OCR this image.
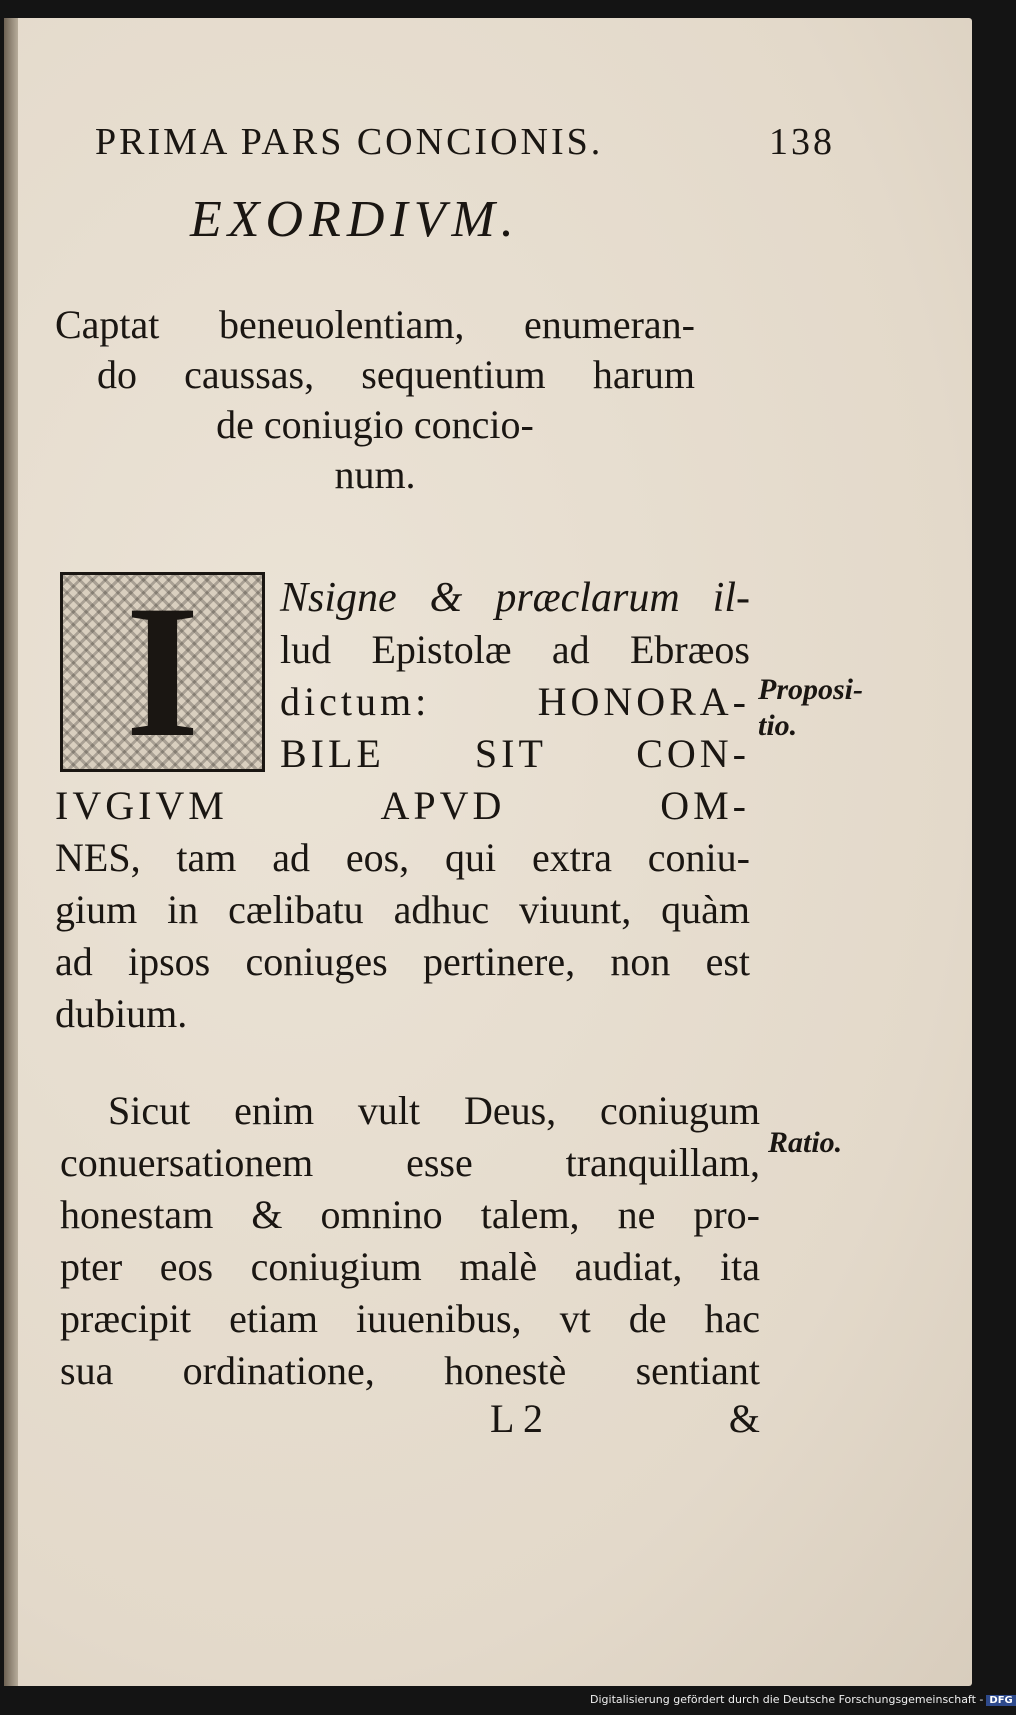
PRIMA PARS CONCIONIS.	138
EXORDIVM.
Captat beneuolentiam, enumeran-
do caussas, sequentium harum
de coniugio concio-
num.
I Nsigne & præclarum il-
lud Epistolæ ad Ebræos
dictum: HONORA-
BILE SIT CON-
IVGIVM APVD OM-
NES, tam ad eos, qui extra coniu-
gium in cælibatu adhuc viuunt, quàm
ad ipsos coniuges pertinere, non est
dubium.
Sicut enim vult Deus, coniugum
conuersationem esse tranquillam,
honestam & omnino talem, ne pro-
pter eos coniugium malè audiat, ita
præcipit etiam iuuenibus, vt de hac
sua ordinatione, honestè sentiant
Proposi-
tio.
Ratio.
L 2	&
Digitalisierung gefördert durch die Deutsche Forschungsgemeinschaft - DFG
